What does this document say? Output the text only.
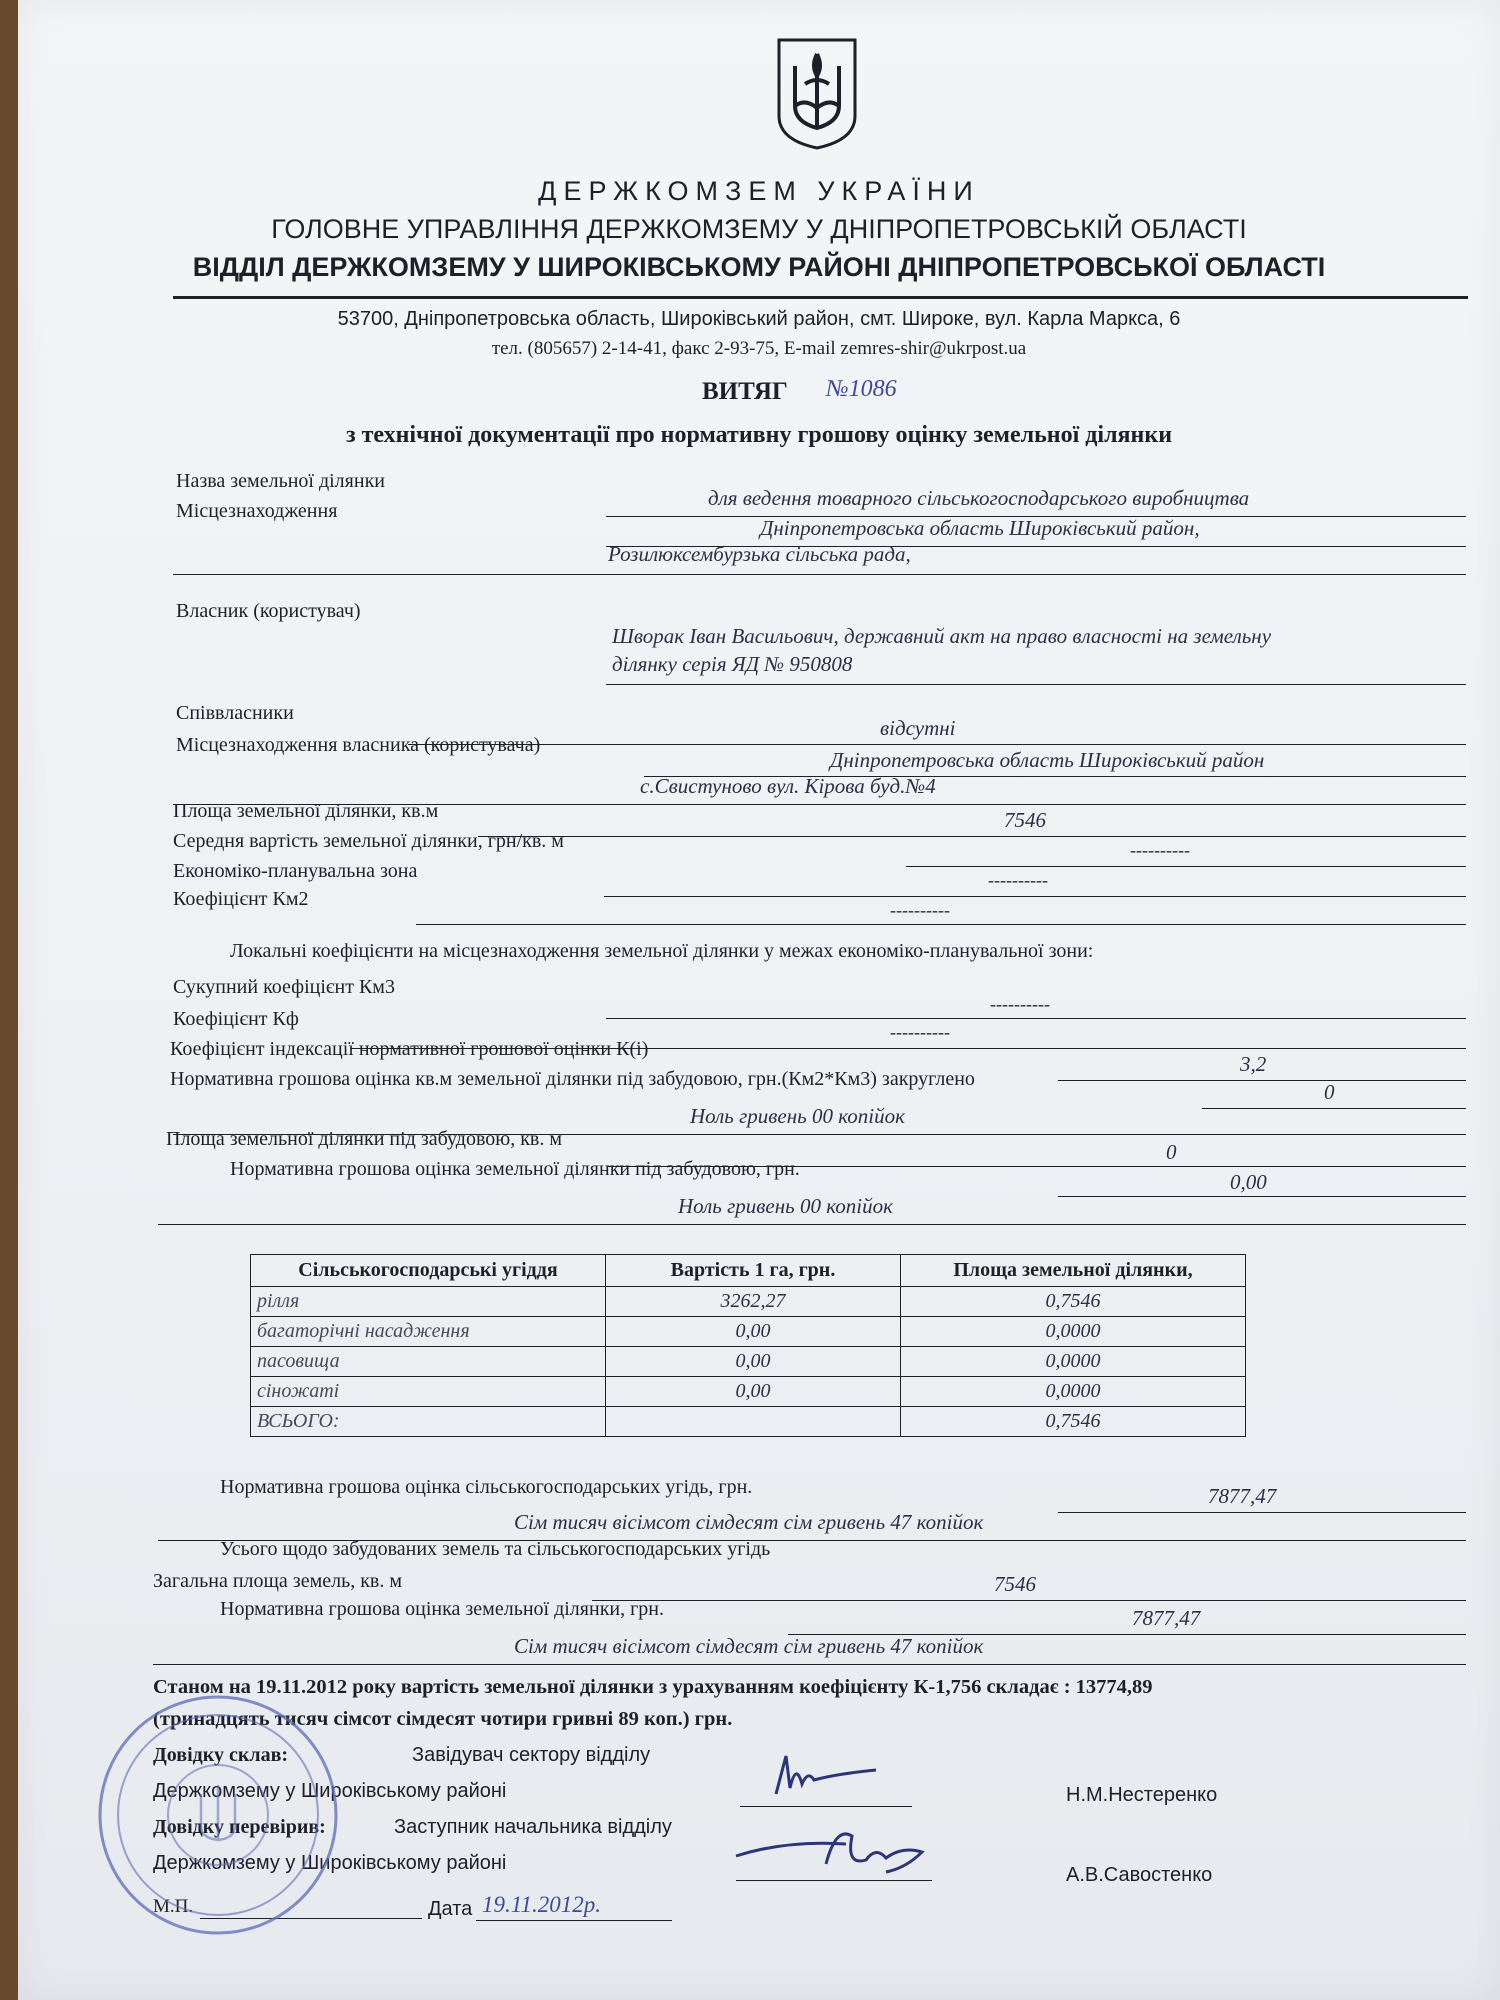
ДЕРЖКОМЗЕМ УКРАЇНИ
ГОЛОВНЕ УПРАВЛІННЯ ДЕРЖКОМЗЕМУ У ДНІПРОПЕТРОВСЬКІЙ ОБЛАСТІ
ВІДДІЛ ДЕРЖКОМЗЕМУ У ШИРОКІВСЬКОМУ РАЙОНІ ДНІПРОПЕТРОВСЬКОЇ ОБЛАСТІ
53700, Дніпропетровська область, Широківський район, смт. Широке, вул. Карла Маркса, 6
тел. (805657) 2-14-41, факс 2-93-75, E-mail zemres-shir@ukrpost.ua
ВИТЯГ №1086
з технічної документації про нормативну грошову оцінку земельної ділянки
Назва земельної ділянки
для ведення товарного сільськогосподарського виробництва
Місцезнаходження
Дніпропетровська область Широківський район,
Розилюксембурзька сільська рада,
Власник (користувач)
Шворак Іван Васильович, державний акт на право власності на земельну
ділянку серія ЯД № 950808
Співвласники
відсутні
Місцезнаходження власника (користувача)
Дніпропетровська область Широківський район
с.Свистуново вул. Кірова буд.№4
Площа земельної ділянки, кв.м	7546
Середня вартість земельної ділянки, грн/кв. м	----------
Економіко-планувальна зона	----------
Коефіцієнт Км2	----------
Локальні коефіцієнти на місцезнаходження земельної ділянки у межах економіко-планувальної зони:
Сукупний коефіцієнт Км3
----------
Коефіцієнт Кф
----------
Коефіцієнт індексації нормативної грошової оцінки К(і)
3,2
Нормативна грошова оцінка кв.м земельної ділянки під забудовою, грн.(Км2*Км3) закруглено
0
Ноль гривень 00 копійок
Площа земельної ділянки під забудовою, кв. м
0
Нормативна грошова оцінка земельної ділянки під забудовою, грн.
0,00
Ноль гривень 00 копійок
Сільськогосподарські угіддя	Вартість 1 га, грн.	Площа земельної ділянки,
рілля	3262,27	0,7546
багаторічні насадження	0,00	0,0000
пасовища	0,00	0,0000
сіножаті	0,00	0,0000
ВСЬОГО:		0,7546
Нормативна грошова оцінка сільськогосподарських угідь, грн.	7877,47
Сім тисяч вісімсот сімдесят сім гривень 47 копійок
Усього щодо забудованих земель та сільськогосподарських угідь
Загальна площа земель, кв. м	7546
Нормативна грошова оцінка земельної ділянки, грн.	7877,47
Сім тисяч вісімсот сімдесят сім гривень 47 копійок
Станом на 19.11.2012 року вартість земельної ділянки з урахуванням коефіцієнту К-1,756 складає : 13774,89
(тринадцять тисяч сімсот сімдесят чотири гривні 89 коп.) грн.
Довідку склав:	Завідувач сектору відділу
Держкомзему у Широківському районі	Н.М.Нестеренко
Довідку перевірив:	Заступник начальника відділу
Держкомзему у Широківському районі
А.В.Савостенко
М.П.	Дата 19.11.2012р.
